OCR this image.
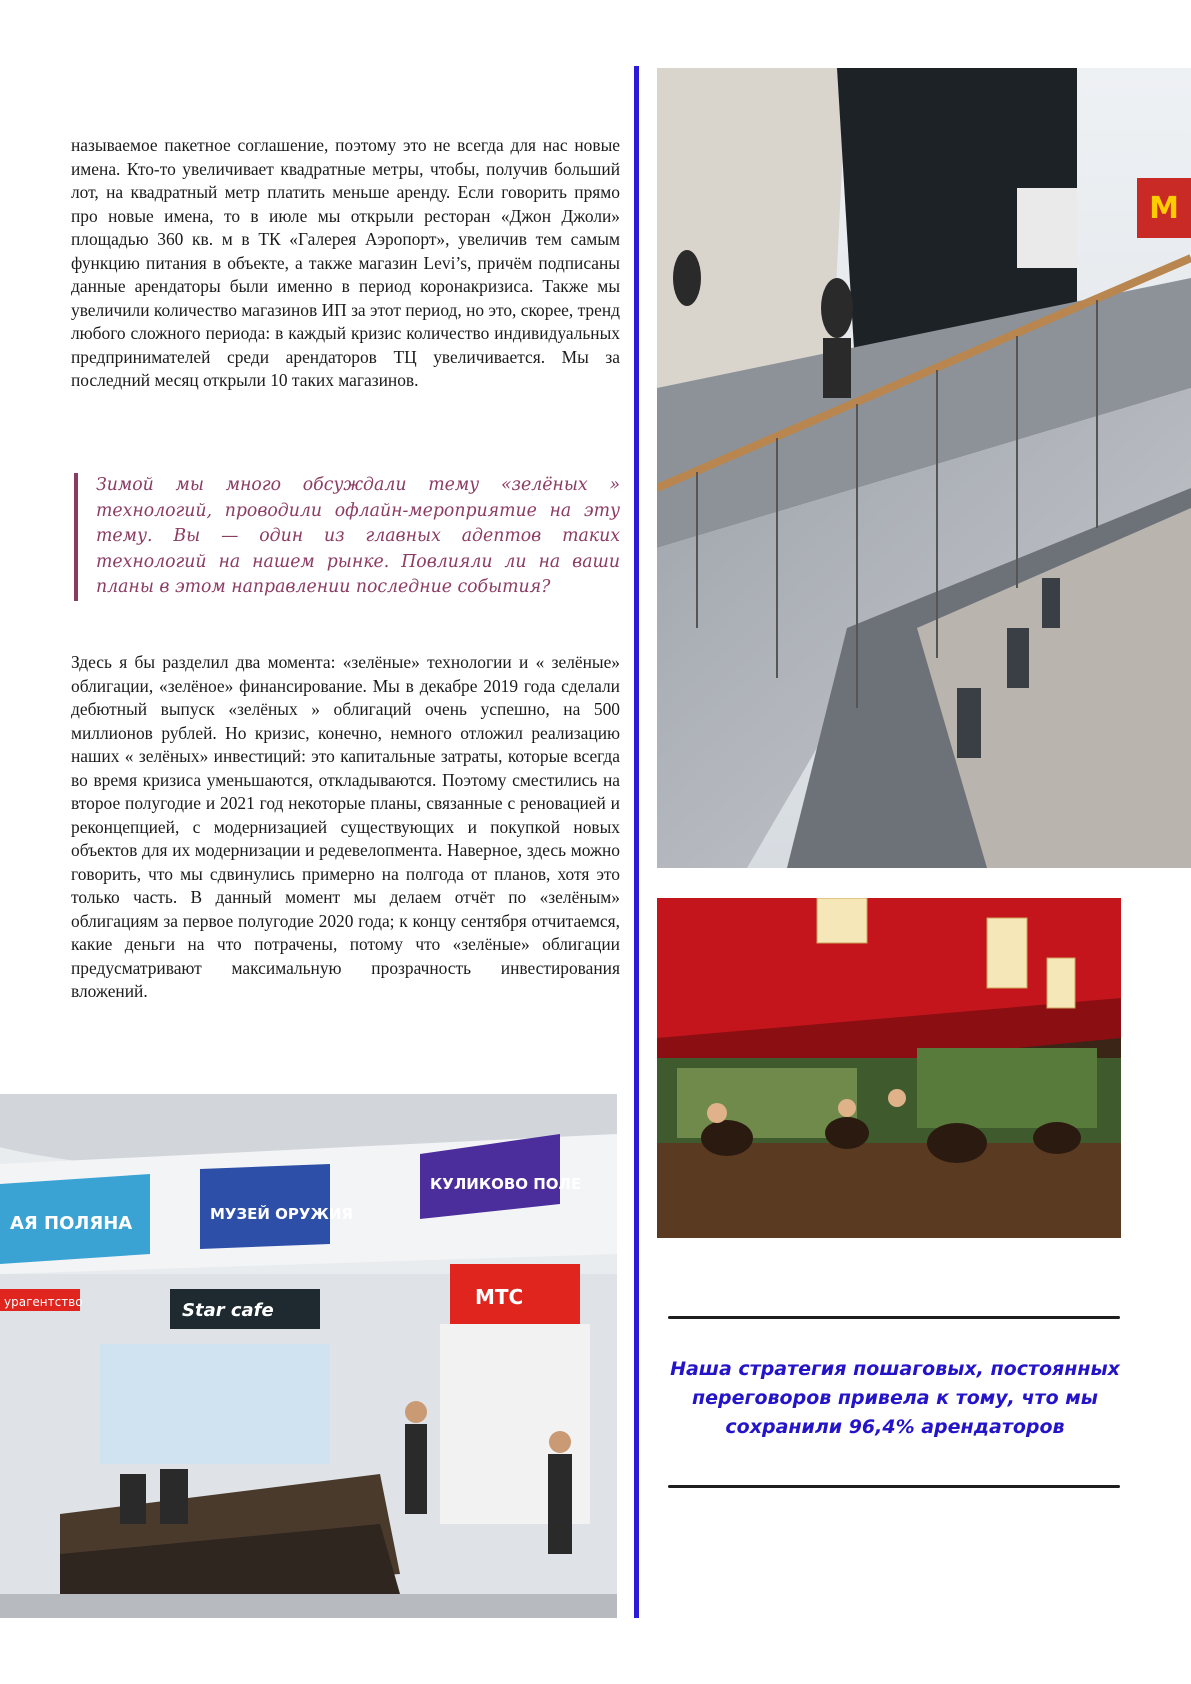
называемое пакетное соглашение, поэтому это не всегда для нас новые имена. Кто-то увеличивает квадратные метры, чтобы, получив больший лот, на квадратный метр платить меньше аренду. Если говорить прямо про новые имена, то в июле мы открыли ресторан «Джон Джоли» площадью 360 кв. м в ТК «Галерея Аэропорт», увеличив тем самым функцию питания в объекте, а также магазин Levi’s, причём подписаны данные арендаторы были именно в период коронакризиса. Также мы увеличили количество магазинов ИП за этот период, но это, скорее, тренд любого сложного периода: в каждый кризис количество индивидуальных предпринимателей среди арендаторов ТЦ увеличивается. Мы за последний месяц открыли 10 таких магазинов.

Зимой мы много обсуждали тему «зелёных » технологий, проводили офлайн-мероприятие на эту тему. Вы — один из главных адептов таких технологий на нашем рынке. Повлияли ли на ваши планы в этом направлении последние события?

Здесь я бы разделил два момента: «зелёные» технологии и « зелёные» облигации, «зелёное» финансирование. Мы в декабре 2019 года сделали дебютный выпуск «зелёных » облигаций очень успешно, на 500 миллионов рублей. Но кризис, конечно, немного отложил реализацию наших « зелёных» инвестиций: это капитальные затраты, которые всегда во время кризиса уменьшаются, откладываются. Поэтому сместились на второе полугодие и 2021 год некоторые планы, связанные с реновацией и реконцепцией, с модернизацией существующих и покупкой новых объектов для их модернизации и редевелопмента. Наверное, здесь можно говорить, что мы сдвинулись примерно на полгода от планов, хотя это только часть. В данный момент мы делаем отчёт по «зелёным» облигациям за первое полугодие 2020 года; к концу сентября отчитаемся, какие деньги на что потрачены, потому что «зелёные» облигации предусматривают максимальную прозрачность инвестирования вложений.

M
АЯ ПОЛЯНА	МУЗЕЙ ОРУЖИЯ
КУЛИКОВО ПОЛЕ
МТС
Star cafe
урагентство

Наша стратегия пошаговых, постоянных переговоров привела к тому, что мы сохранили 96,4% арендаторов
